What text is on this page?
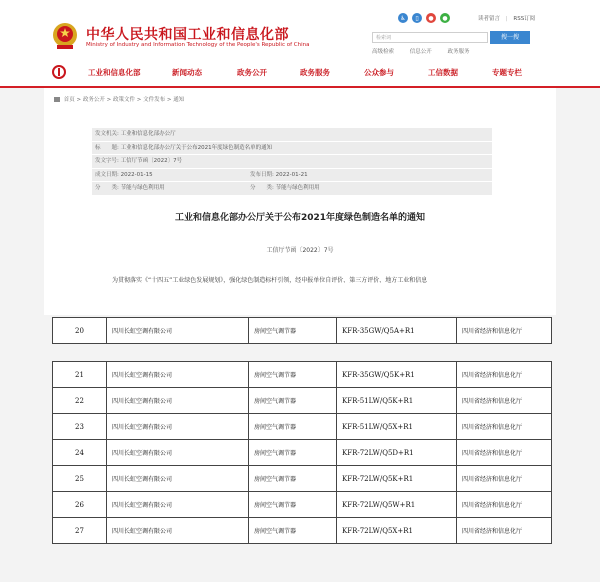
中华人民共和国工业和信息化部
Ministry of Industry and Information Technology of the People's Republic of China
♿	▯	●	●	读者留言 | RSS订阅
检索词	搜一搜
高级检索	信息公开	政务服务
工业和信息化部	新闻动态	政务公开	政务服务	公众参与	工信数据	专题专栏
首页 > 政务公开 > 政策文件 > 文件发布 > 通知
发文机关: 工业和信息化部办公厅
标　　题: 工业和信息化部办公厅关于公布2021年度绿色制造名单的通知
发文字号: 工信厅节函〔2022〕7号
成文日期: 2022-01-15	发布日期: 2022-01-21
分　　类: 节能与绿色利用用	分　　类: 节能与绿色利用用
工业和信息化部办公厅关于公布2021年度绿色制造名单的通知
工信厅节函〔2022〕7号
为贯彻落实《“十四五”工业绿色发展规划》，强化绿色制造标杆引领，经申报单位自评价、第三方评价、地方工业和信息
20	四川长虹空调有限公司	房间空气调节器	KFR-35GW/Q5A+R1	四川省经济和信息化厅
21	四川长虹空调有限公司	房间空气调节器	KFR-35GW/Q5K+R1	四川省经济和信息化厅
22	四川长虹空调有限公司	房间空气调节器	KFR-51LW/Q5K+R1	四川省经济和信息化厅
23	四川长虹空调有限公司	房间空气调节器	KFR-51LW/Q5X+R1	四川省经济和信息化厅
24	四川长虹空调有限公司	房间空气调节器	KFR-72LW/Q5D+R1	四川省经济和信息化厅
25	四川长虹空调有限公司	房间空气调节器	KFR-72LW/Q5K+R1	四川省经济和信息化厅
26	四川长虹空调有限公司	房间空气调节器	KFR-72LW/Q5W+R1	四川省经济和信息化厅
27	四川长虹空调有限公司	房间空气调节器	KFR-72LW/Q5X+R1	四川省经济和信息化厅
